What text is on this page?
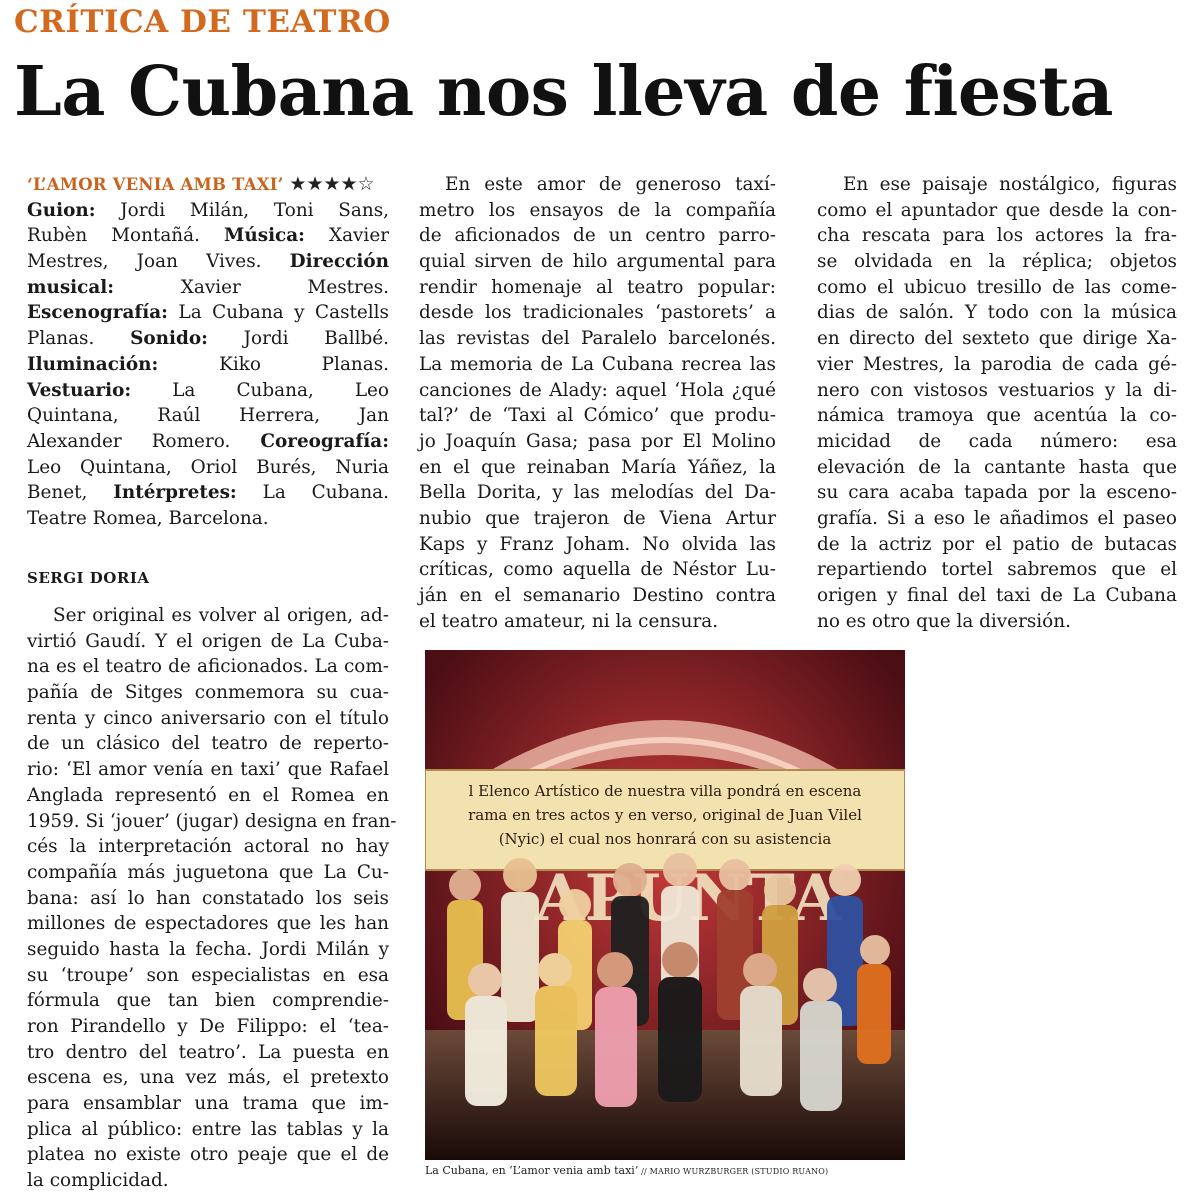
CRÍTICA DE TEATRO
La Cubana nos lleva de fiesta
‘L’AMOR VENIA AMB TAXI’ ★★★★☆
Guion: Jordi Milán, Toni Sans,
Rubèn Montañá. Música: Xavier
Mestres, Joan Vives. Dirección
musical: Xavier Mestres.
Escenografía: La Cubana y Castells
Planas. Sonido: Jordi Ballbé.
Iluminación: Kiko Planas.
Vestuario: La Cubana, Leo
Quintana, Raúl Herrera, Jan
Alexander Romero. Coreografía:
Leo Quintana, Oriol Burés, Nuria
Benet, Intérpretes: La Cubana.
Teatre Romea, Barcelona.
SERGI DORIA
Ser original es volver al origen, ad-
virtió Gaudí. Y el origen de La Cuba-
na es el teatro de aficionados. La com-
pañía de Sitges conmemora su cua-
renta y cinco aniversario con el título
de un clásico del teatro de reperto-
rio: ‘El amor venía en taxi’ que Rafael
Anglada representó en el Romea en
1959. Si ‘jouer’ (jugar) designa en fran-
cés la interpretación actoral no hay
compañía más juguetona que La Cu-
bana: así lo han constatado los seis
millones de espectadores que les han
seguido hasta la fecha. Jordi Milán y
su ‘troupe’ son especialistas en esa
fórmula que tan bien comprendie-
ron Pirandello y De Filippo: el ‘tea-
tro dentro del teatro’. La puesta en
escena es, una vez más, el pretexto
para ensamblar una trama que im-
plica al público: entre las tablas y la
platea no existe otro peaje que el de
la complicidad.
En este amor de generoso taxí-
metro los ensayos de la compañía
de aficionados de un centro parro-
quial sirven de hilo argumental para
rendir homenaje al teatro popular:
desde los tradicionales ‘pastorets’ a
las revistas del Paralelo barcelonés.
La memoria de La Cubana recrea las
canciones de Alady: aquel ‘Hola ¿qué
tal?’ de ‘Taxi al Cómico’ que produ-
jo Joaquín Gasa; pasa por El Molino
en el que reinaban María Yáñez, la
Bella Dorita, y las melodías del Da-
nubio que trajeron de Viena Artur
Kaps y Franz Joham. No olvida las
críticas, como aquella de Néstor Lu-
ján en el semanario Destino contra
el teatro amateur, ni la censura.
En ese paisaje nostálgico, figuras
como el apuntador que desde la con-
cha rescata para los actores la fra-
se olvidada en la réplica; objetos
como el ubicuo tresillo de las come-
dias de salón. Y todo con la música
en directo del sexteto que dirige Xa-
vier Mestres, la parodia de cada gé-
nero con vistosos vestuarios y la di-
námica tramoya que acentúa la co-
micidad de cada número: esa
elevación de la cantante hasta que
su cara acaba tapada por la escenо-
grafía. Si a eso le añadimos el paseo
de la actriz por el patio de butacas
repartiendo tortel sabremos que el
origen y final del taxi de La Cubana
no es otro que la diversión.
l Elenco Artístico de nuestra villa pondrá en escena
rama en tres actos y en verso, original de Juan Vilel
(Nyic) el cual nos honrará con su asistencia
La Cubana, en ‘L’amor venia amb taxi’ // MARIO WURZBURGER (STUDIO RUANO)
